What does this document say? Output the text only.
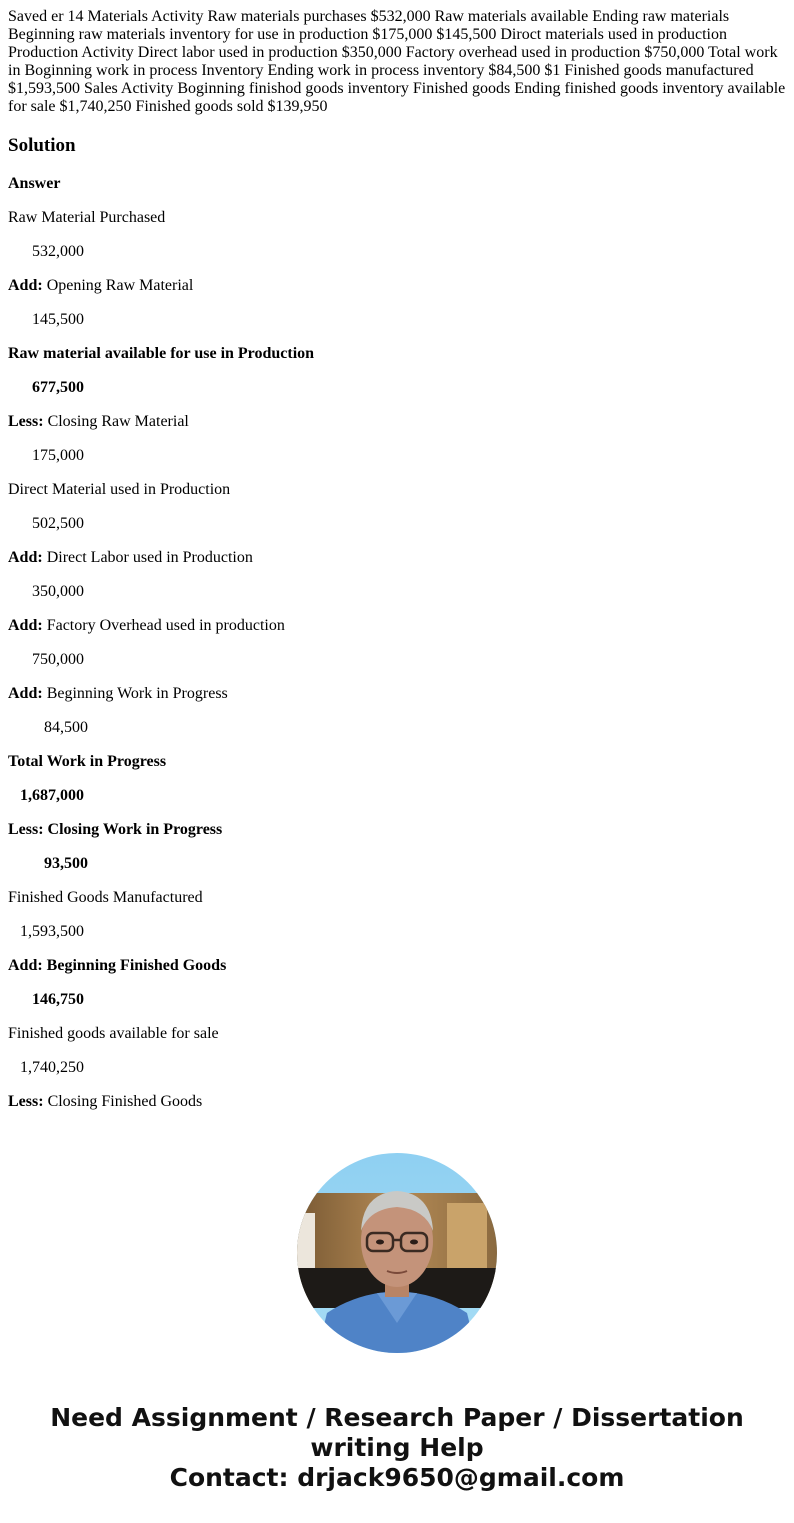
Saved er 14 Materials Activity Raw materials purchases $532,000 Raw materials available Ending raw materials Beginning raw materials inventory for use in production $175,000 $145,500 Diroct materials used in production Production Activity Direct labor used in production $350,000 Factory overhead used in production $750,000 Total work in Boginning work in process Inventory Ending work in process inventory $84,500 $1 Finished goods manufactured $1,593,500 Sales Activity Boginning finishod goods inventory Finished goods Ending finished goods inventory available for sale $1,740,250 Finished goods sold $139,950

Solution

Answer

Raw Material Purchased

532,000

Add: Opening Raw Material

145,500

Raw material available for use in Production

677,500

Less: Closing Raw Material

175,000

Direct Material used in Production

502,500

Add: Direct Labor used in Production

350,000

Add: Factory Overhead used in production

750,000

Add: Beginning Work in Progress

84,500

Total Work in Progress

1,687,000

Less: Closing Work in Progress

93,500

Finished Goods Manufactured

1,593,500

Add: Beginning Finished Goods

146,750

Finished goods available for sale

1,740,250

Less: Closing Finished Goods

Need Assignment / Research Paper / Dissertation
writing Help
Contact: drjack9650@gmail.com
